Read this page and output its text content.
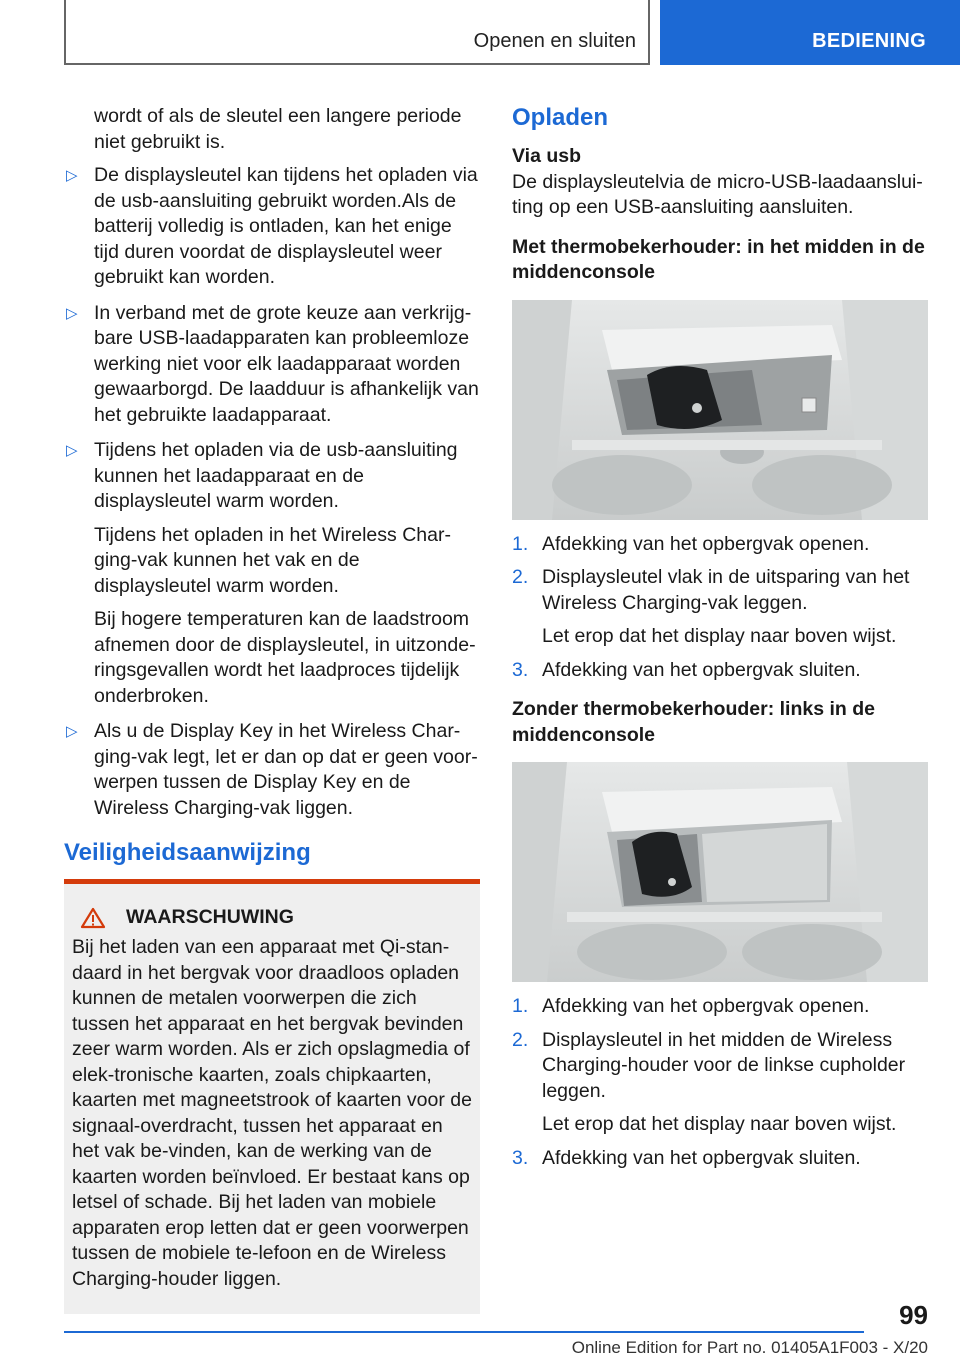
Openen en sluiten	BEDIENING

wordt of als de sleutel een langere periode niet gebruikt is.

▷ De displaysleutel kan tijdens het opladen via de usb-aansluiting gebruikt worden.Als de batterij volledig is ontladen, kan het enige tijd duren voordat de displaysleutel weer gebruikt kan worden.

▷ In verband met de grote keuze aan verkrijg-bare USB-laadapparaten kan probleemloze werking niet voor elk laadapparaat worden gewaarborgd. De laadduur is afhankelijk van het gebruikte laadapparaat.

▷ Tijdens het opladen via de usb-aansluiting kunnen het laadapparaat en de displaysleutel warm worden.

Tijdens het opladen in het Wireless Char-ging-vak kunnen het vak en de displaysleutel warm worden.

Bij hogere temperaturen kan de laadstroom afnemen door de displaysleutel, in uitzonde-ringsgevallen wordt het laadproces tijdelijk onderbroken.

▷ Als u de Display Key in het Wireless Char-ging-vak legt, let er dan op dat er geen voor-werpen tussen de Display Key en de Wireless Charging-vak liggen.

Veiligheidsaanwijzing
WAARSCHUWING

Bij het laden van een apparaat met Qi-stan-daard in het bergvak voor draadloos opladen kunnen de metalen voorwerpen die zich tussen het apparaat en het bergvak bevinden zeer warm worden. Als er zich opslagmedia of elek-tronische kaarten, zoals chipkaarten, kaarten met magneetstrook of kaarten voor de signaal-overdracht, tussen het apparaat en het vak be-vinden, kan de werking van de kaarten worden beïnvloed. Er bestaat kans op letsel of schade. Bij het laden van mobiele apparaten erop letten dat er geen voorwerpen tussen de mobiele te-lefoon en de Wireless Charging-houder liggen.

Opladen
Via usb

De displaysleutelvia de micro-USB-laadaanslui-ting op een USB-aansluiting aansluiten.

Met thermobekerhouder: in het midden in de middenconsole
1. Afdekking van het opbergvak openen.
2. Displaysleutel vlak in de uitsparing van het Wireless Charging-vak leggen.

Let erop dat het display naar boven wijst.

3. Afdekking van het opbergvak sluiten.
Zonder thermobekerhouder: links in de middenconsole
1. Afdekking van het opbergvak openen.
2. Displaysleutel in het midden de Wireless Charging-houder voor de linkse cupholder leggen.

Let erop dat het display naar boven wijst.

3. Afdekking van het opbergvak sluiten.
99
Online Edition for Part no. 01405A1F003 - X/20
